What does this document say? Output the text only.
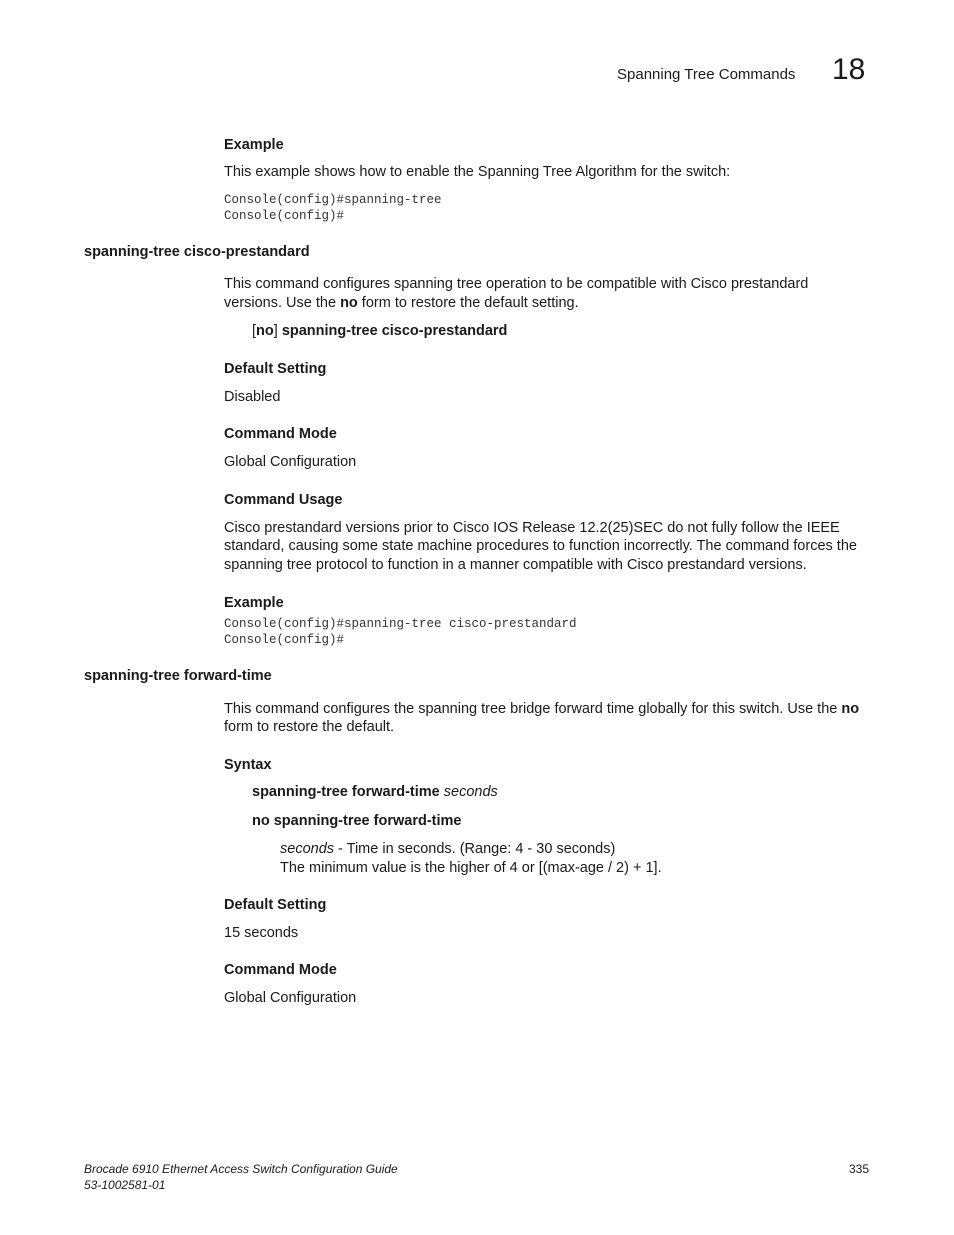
Spanning Tree Commands 18
Example
This example shows how to enable the Spanning Tree Algorithm for the switch:
Console(config)#spanning-tree
Console(config)#
spanning-tree cisco-prestandard
This command configures spanning tree operation to be compatible with Cisco prestandard
versions. Use the no form to restore the default setting.
[no] spanning-tree cisco-prestandard
Default Setting
Disabled
Command Mode
Global Configuration
Command Usage
Cisco prestandard versions prior to Cisco IOS Release 12.2(25)SEC do not fully follow the IEEE
standard, causing some state machine procedures to function incorrectly. The command forces the
spanning tree protocol to function in a manner compatible with Cisco prestandard versions.
Example
Console(config)#spanning-tree cisco-prestandard
Console(config)#
spanning-tree forward-time
This command configures the spanning tree bridge forward time globally for this switch. Use the no
form to restore the default.
Syntax
spanning-tree forward-time seconds
no spanning-tree forward-time
seconds - Time in seconds. (Range: 4 - 30 seconds)
The minimum value is the higher of 4 or [(max-age / 2) + 1].
Default Setting
15 seconds
Command Mode
Global Configuration
Brocade 6910 Ethernet Access Switch Configuration Guide
53-1002581-01
335
